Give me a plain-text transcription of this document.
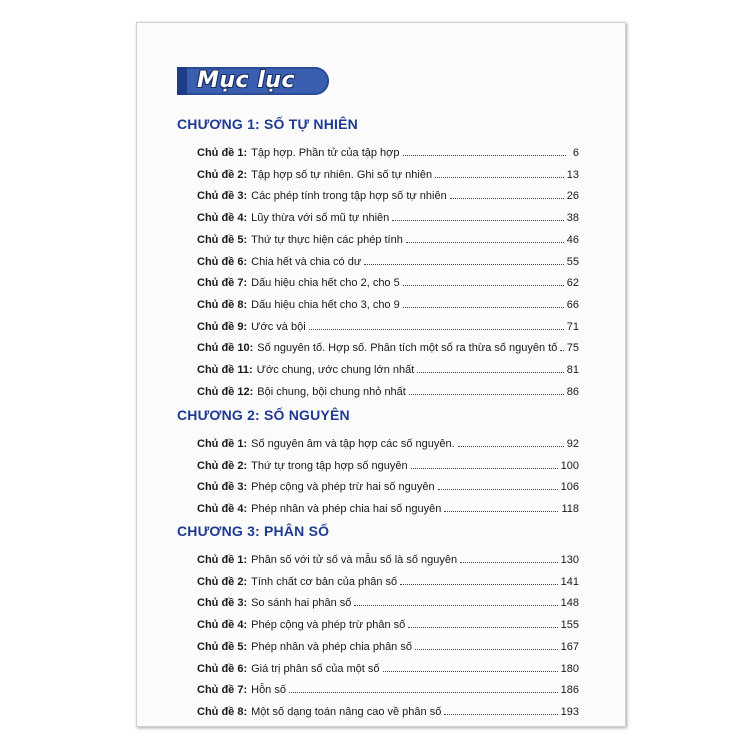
Mục lục
CHƯƠNG 1: SỐ TỰ NHIÊN
Chủ đề 1: Tập hợp. Phần tử của tập hợp	6
Chủ đề 2: Tập hợp số tự nhiên. Ghi số tự nhiên	13
Chủ đề 3: Các phép tính trong tập hợp số tự nhiên	26
Chủ đề 4: Lũy thừa với số mũ tự nhiên	38
Chủ đề 5: Thứ tự thực hiện các phép tính	46
Chủ đề 6: Chia hết và chia có dư	55
Chủ đề 7: Dấu hiệu chia hết cho 2, cho 5	62
Chủ đề 8: Dấu hiệu chia hết cho 3, cho 9	66
Chủ đề 9: Ước và bội	71
Chủ đề 10: Số nguyên tố. Hợp số. Phân tích một số ra thừa số nguyên tố 75
Chủ đề 11: Ước chung, ước chung lớn nhất	81
Chủ đề 12: Bội chung, bội chung nhỏ nhất	86
CHƯƠNG 2: SỐ NGUYÊN
Chủ đề 1: Số nguyên âm và tập hợp các số nguyên.	92
Chủ đề 2: Thứ tự trong tập hợp số nguyên	100
Chủ đề 3: Phép cộng và phép trừ hai số nguyên	106
Chủ đề 4: Phép nhân và phép chia hai số nguyên	118
CHƯƠNG 3: PHÂN SỐ
Chủ đề 1: Phân số với tử số và mẫu số là số nguyên	130
Chủ đề 2: Tính chất cơ bản của phân số	141
Chủ đề 3: So sánh hai phân số	148
Chủ đề 4: Phép cộng và phép trừ phân số	155
Chủ đề 5: Phép nhân và phép chia phân số	167
Chủ đề 6: Giá trị phân số của một số	180
Chủ đề 7: Hỗn số	186
Chủ đề 8: Một số dạng toán nâng cao về phân số	193
